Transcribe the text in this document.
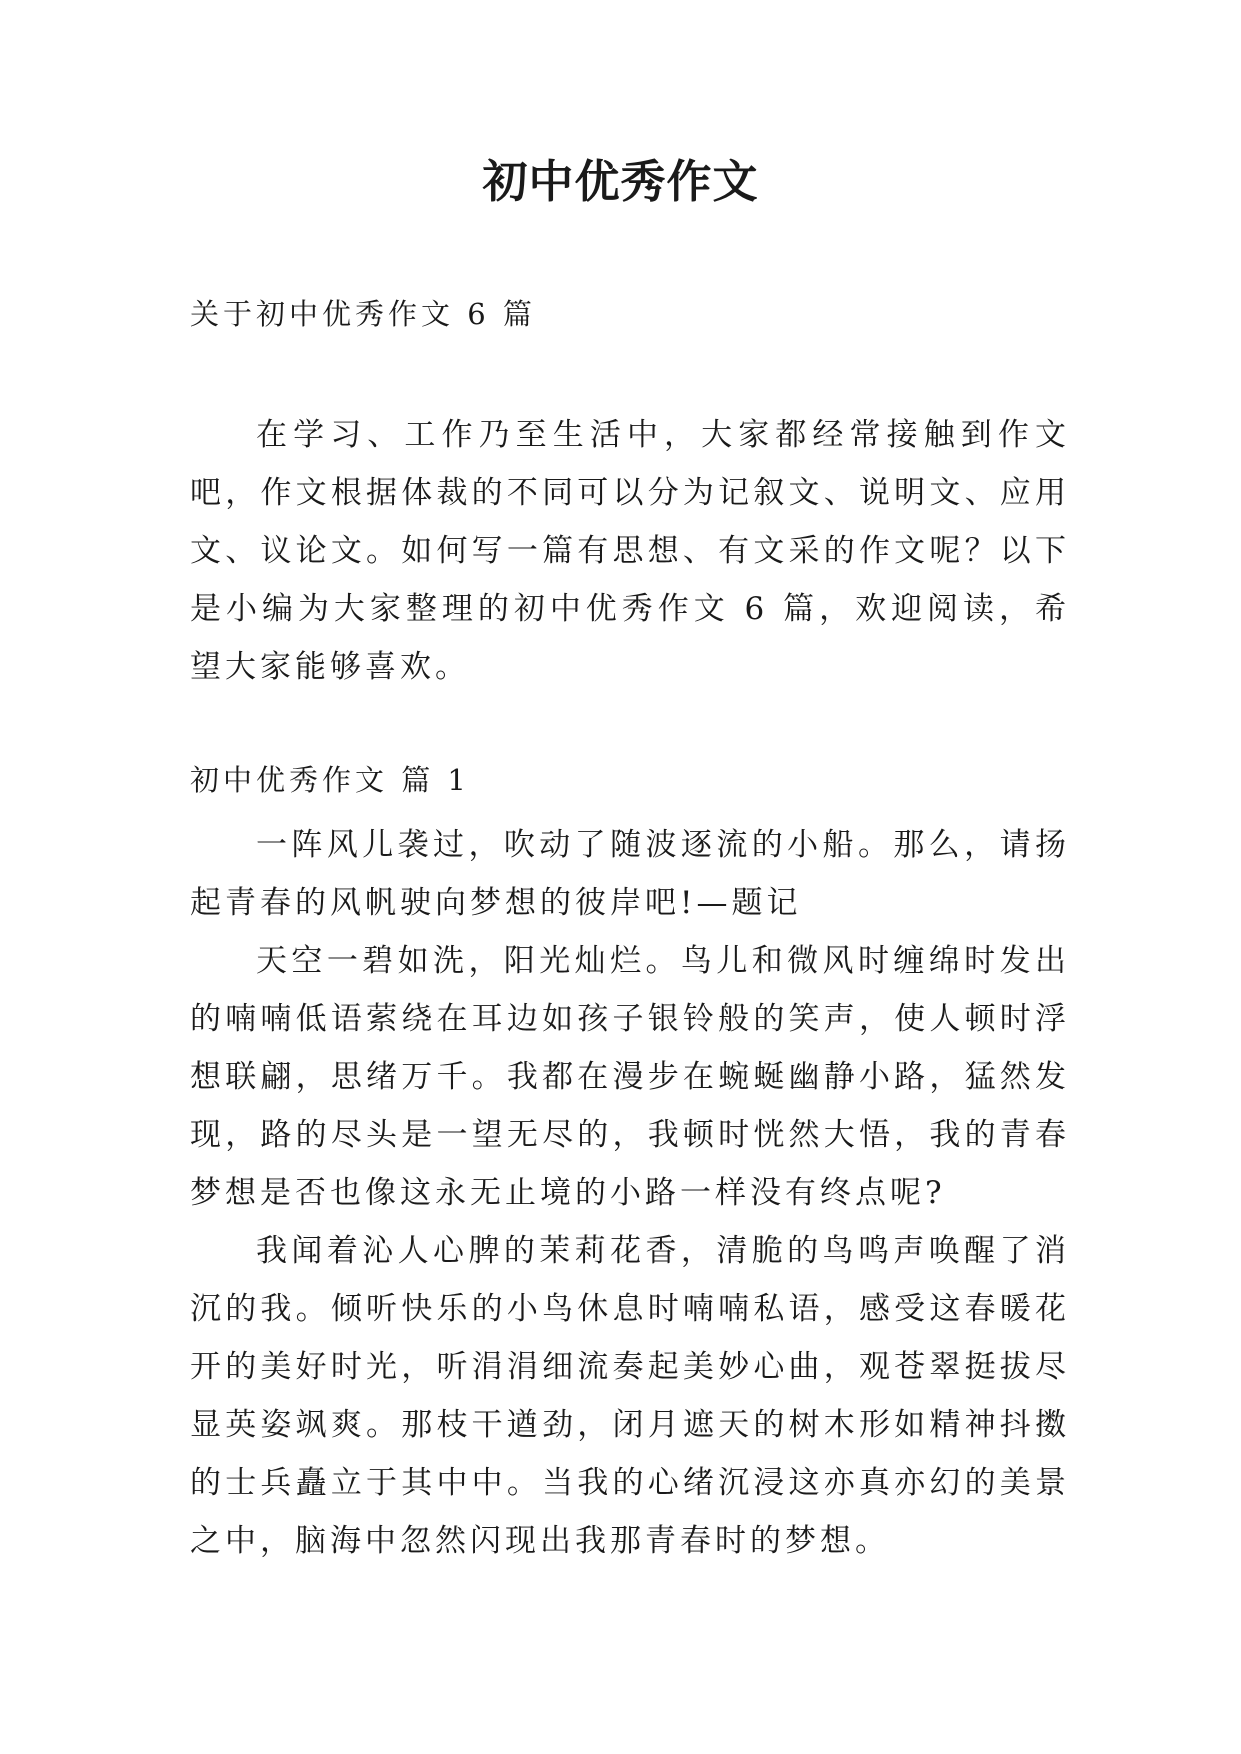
初中优秀作文
关于初中优秀作文 6 篇

在学习、工作乃至生活中，大家都经常接触到作文吧，作文根据体裁的不同可以分为记叙文、说明文、应用文、议论文。如何写一篇有思想、有文采的作文呢？以下是小编为大家整理的初中优秀作文 6 篇，欢迎阅读，希望大家能够喜欢。

初中优秀作文 篇 1

一阵风儿袭过，吹动了随波逐流的小船。那么，请扬起青春的风帆驶向梦想的彼岸吧!—题记

天空一碧如洗，阳光灿烂。鸟儿和微风时缠绵时发出的喃喃低语萦绕在耳边如孩子银铃般的笑声，使人顿时浮想联翩，思绪万千。我都在漫步在蜿蜒幽静小路，猛然发现，路的尽头是一望无尽的，我顿时恍然大悟，我的青春梦想是否也像这永无止境的小路一样没有终点呢?

我闻着沁人心脾的茉莉花香，清脆的鸟鸣声唤醒了消沉的我。倾听快乐的小鸟休息时喃喃私语，感受这春暖花开的美好时光，听涓涓细流奏起美妙心曲，观苍翠挺拔尽显英姿飒爽。那枝干遒劲，闭月遮天的树木形如精神抖擞的士兵矗立于其中中。当我的心绪沉浸这亦真亦幻的美景之中，脑海中忽然闪现出我那青春时的梦想。
